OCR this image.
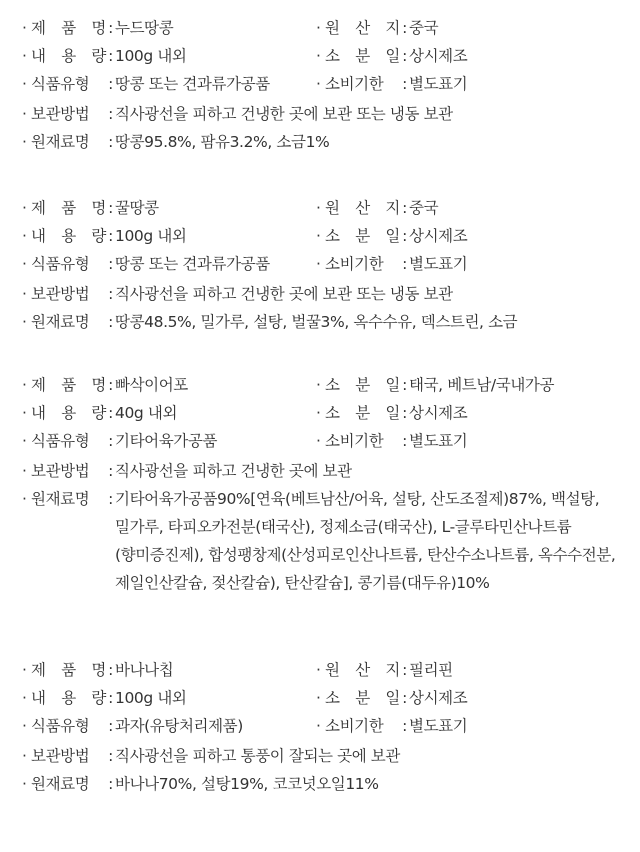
· 제 품 명 : 누드땅콩	· 원 산 지 : 중국
· 내 용 량 : 100g 내외	· 소 분 일 : 상시제조
· 식품유형	: 땅콩 또는 견과류가공품	· 소비기한	: 별도표기
· 보관방법	: 직사광선을 피하고 건냉한 곳에 보관 또는 냉동 보관
· 원재료명	: 땅콩95.8%, 팜유3.2%, 소금1%
· 제 품 명 : 꿀땅콩	· 원 산 지 : 중국
· 내 용 량 : 100g 내외	· 소 분 일 : 상시제조
· 식품유형	: 땅콩 또는 견과류가공품	· 소비기한	: 별도표기
· 보관방법	: 직사광선을 피하고 건냉한 곳에 보관 또는 냉동 보관
· 원재료명	: 땅콩48.5%, 밀가루, 설탕, 벌꿀3%, 옥수수유, 덱스트린, 소금
· 제 품 명 : 빠삭이어포	· 소 분 일 : 태국, 베트남/국내가공
· 내 용 량 : 40g 내외	· 소 분 일 : 상시제조
· 식품유형	: 기타어육가공품	· 소비기한	: 별도표기
· 보관방법	: 직사광선을 피하고 건냉한 곳에 보관
· 원재료명	: 기타어육가공품90%[연육(베트남산/어육, 설탕, 산도조절제)87%, 백설탕, 밀가루, 타피오카전분(태국산), 정제소금(태국산), L-글루타민산나트륨(향미증진제), 합성팽창제(산성피로인산나트륨, 탄산수소나트륨, 옥수수전분, 제일인산칼슘, 젖산칼슘), 탄산칼슘], 콩기름(대두유)10%
· 제 품 명 : 바나나칩	· 원 산 지 : 필리핀
· 내 용 량 : 100g 내외	· 소 분 일 : 상시제조
· 식품유형	: 과자(유탕처리제품)	· 소비기한	: 별도표기
· 보관방법	: 직사광선을 피하고 통풍이 잘되는 곳에 보관
· 원재료명	: 바나나70%, 설탕19%, 코코넛오일11%
